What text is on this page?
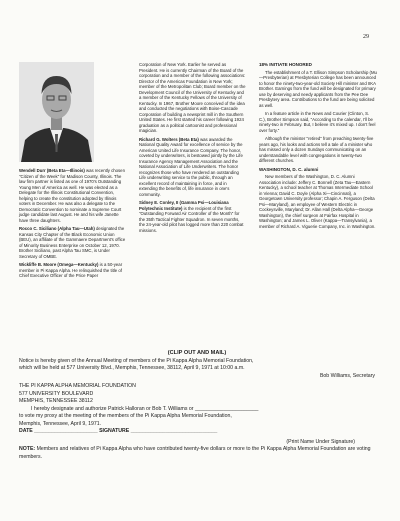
29

Wendell Durr (Beta Eta—Illinois) was recently chosen "Citizen of the Week" for Madison County, Illinois. The law firm partner is listed as one of 1970's Outstanding Young Men of America as well. He was elected as a Delegate for the Illinois Constitutional Convention, helping to create the constitution adopted by Illinois voters in December. He was also a delegate to the Democratic Convention to nominate a Supreme Court judge candidate last August. He and his wife Janette have three daughters.

Rocco C. Siciliano (Alpha Tau—Utah) designated the Kansas City Chapter of the Black Economic Union (BEU), an affiliate of the Gammaere Department's office of Minority Business Enterprise on October 12, 1970. Brother Siciliano, past Alpha Tau SMC, is Under Secretary of OMBE.

Wickliffe B. Moore (Omega—Kentucky) is a 50-year member in Pi Kappa Alpha. He relinquished the title of Chief Executive Officer of the Price Paper

Corporation of New York. Earlier he served as President. He is currently Chairman of the Board of the corporation and a member of the following associations: Director of the Americas Foundation in New York; member of the Metropolitan Club; Board member on the Development Council of the University of Kentucky and a member of the Kentucky Fellows of the University of Kentucky. In 1967, Brother Moore conceived of the idea and conducted the negotiations with Boise-Cascade Corporation of building a newsprint mill in the Southern United States. He first started his career following 1924 graduation as a political cartoonist and professional magician.

Richard G. Wolters (Beta Eta) was awarded the National Quality Award for excellence of service by the American United Life Insurance Company. The honor, coveted by underwriters, is bestowed jointly by the Life Insurance Agency Management Association and the National Association of Life Underwriters. The honor recognizes those who have rendered an outstanding Life underwriting service to the public, through an excellent record of maintaining in force, and in extending the benefits of, life insurance in one's community.

Sidney E. Conley, II (Gamma Psi—Louisiana Polytechnic Institute) is the recipient of the first "Outstanding Forward Air Controller of the Month" for the 35th Tactical Fighter Squadron. In seven months, the 24-year-old pilot has logged more than 220 combat missions.

18% INITIATE HONORED

The establishment of a T. Ellison Simpson Scholarship (Mu—Presbyterian) at Presbyterian College has been announced to honor the ninety-two-year-old Society Hill minister and IIKA Brother. Earnings from the fund will be designated for primary use by deserving and needy applicants from the Pee Dee Presbytery area. Contributions to the fund are being solicited as well.

In a feature article in the News and Courier (Clinton, S. C.), Brother Simpson said, "According to the calendar, I'll be ninety-two in February. But, I believe it's mixed up. I don't feel over forty."

Although the minister "retired" from preaching twenty-five years ago, his looks and actions tell a tale of a minister who has missed only a dozen Sundays communicating on an understandable level with congregations in twenty-two different churches.

WASHINGTON, D. C. alumni

New members of the Washington, D. C. Alumni Association include: Jeffery C. Bonnell (Zeta Tau—Eastern Kentucky), a school teacher at Thomas Intermediate School in Vienna; David C. Doyle (Alpha Xi—Cincinnati), a Georgetown University professor; Chapin A. Ferguson (Delta Psi—Maryland), an employee of Western Electric in Cockeysville, Maryland; Dr. Allan Hall (Delta Alpha—George Washington), the chief surgeon at Fairfax Hospital in Washington; and James L. Oliver (Kappa—Transylvania), a member of Richard A. Viguerie Company, Inc. in Washington.

(CLIP OUT AND MAIL)
Notice is hereby given of the Annual Meeting of members of the Pi Kappa Alpha Memorial Foundation,
which will be held at 577 University Blvd., Memphis, Tennessee, 38112, April 9, 1971 at 10:00 a.m.
Bob Williams, Secretary
THE PI KAPPA ALPHA MEMORIAL FOUNDATION
577 UNIVERSITY BOULEVARD
MEMPHIS, TENNESSEE 38112
I hereby designate and authorize Patrick Halloran or Bob T. Williams or ______________________
to vote my proxy at the meeting of the members of the Pi Kappa Alpha Memorial Foundation,
Memphis, Tennessee, April 9, 1971.
DATE ______________________ SIGNATURE ______________________________
(Print Name Under Signature)
NOTE: Members and relatives of Pi Kappa Alpha who have contributed twenty-five dollars or more to the Pi Kappa Alpha Memorial Foundation are voting members.
